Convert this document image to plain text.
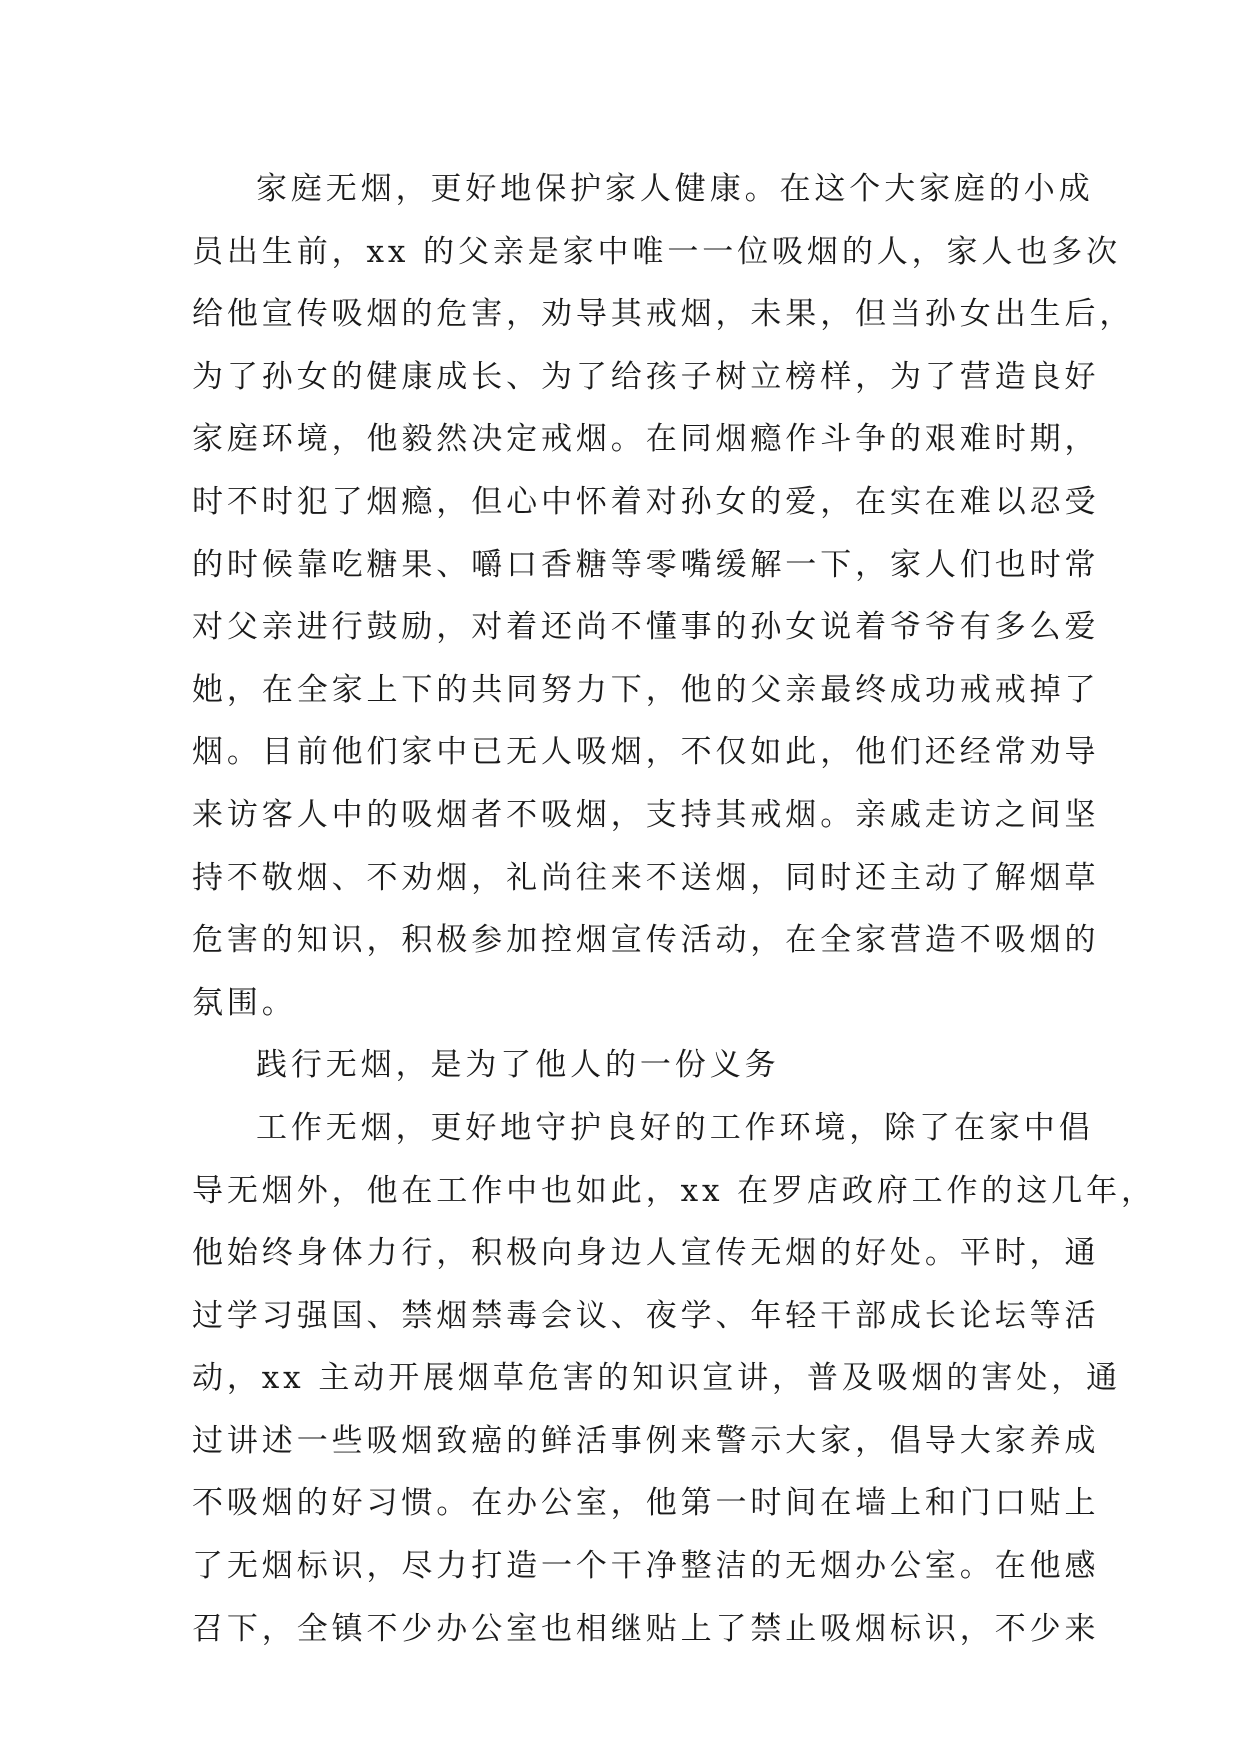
家庭无烟，更好地保护家人健康。在这个大家庭的小成
员出生前，xx 的父亲是家中唯一一位吸烟的人，家人也多次
给他宣传吸烟的危害，劝导其戒烟，未果，但当孙女出生后，
为了孙女的健康成长、为了给孩子树立榜样，为了营造良好
家庭环境，他毅然决定戒烟。在同烟瘾作斗争的艰难时期，
时不时犯了烟瘾，但心中怀着对孙女的爱，在实在难以忍受
的时候靠吃糖果、嚼口香糖等零嘴缓解一下，家人们也时常
对父亲进行鼓励，对着还尚不懂事的孙女说着爷爷有多么爱
她，在全家上下的共同努力下，他的父亲最终成功戒戒掉了
烟。目前他们家中已无人吸烟，不仅如此，他们还经常劝导
来访客人中的吸烟者不吸烟，支持其戒烟。亲戚走访之间坚
持不敬烟、不劝烟，礼尚往来不送烟，同时还主动了解烟草
危害的知识，积极参加控烟宣传活动，在全家营造不吸烟的
氛围。
践行无烟，是为了他人的一份义务
工作无烟，更好地守护良好的工作环境，除了在家中倡
导无烟外，他在工作中也如此，xx 在罗店政府工作的这几年，
他始终身体力行，积极向身边人宣传无烟的好处。平时，通
过学习强国、禁烟禁毒会议、夜学、年轻干部成长论坛等活
动，xx 主动开展烟草危害的知识宣讲，普及吸烟的害处，通
过讲述一些吸烟致癌的鲜活事例来警示大家，倡导大家养成
不吸烟的好习惯。在办公室，他第一时间在墙上和门口贴上
了无烟标识，尽力打造一个干净整洁的无烟办公室。在他感
召下，全镇不少办公室也相继贴上了禁止吸烟标识，不少来
